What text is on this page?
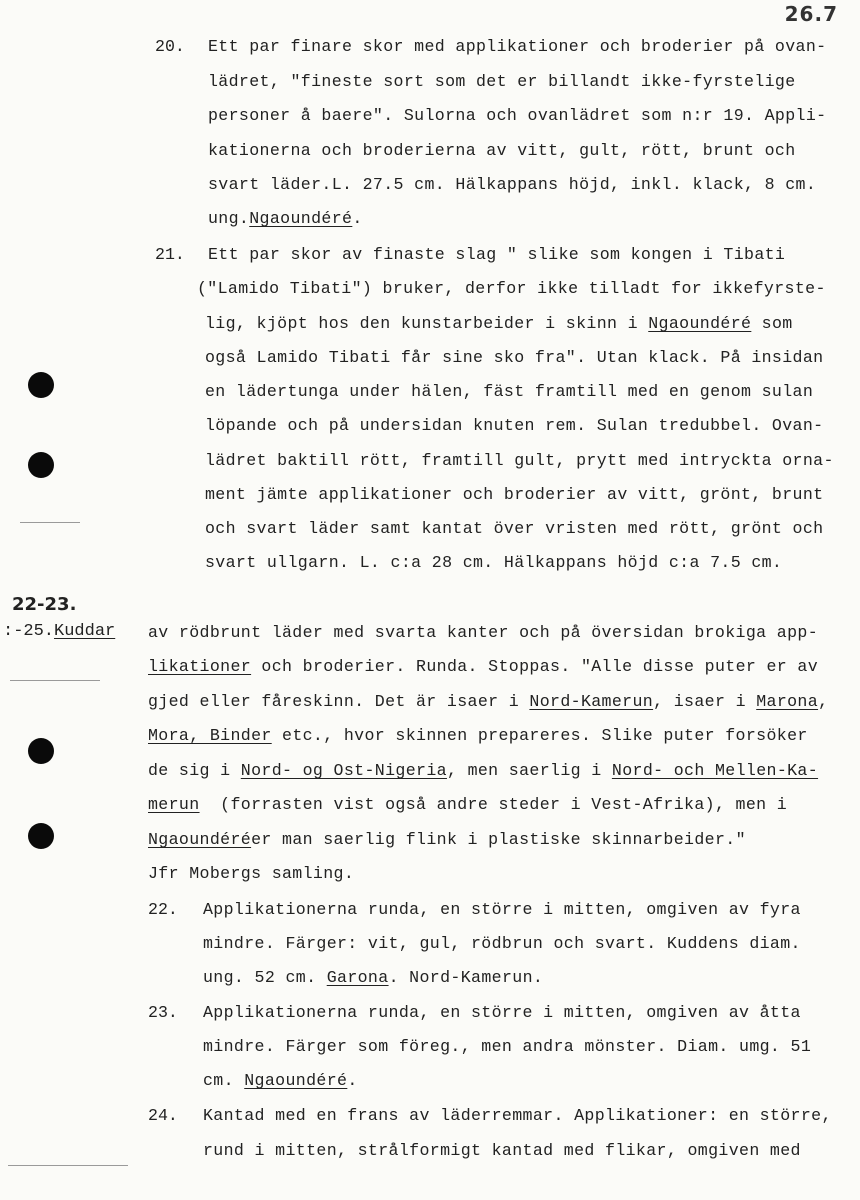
26.7
20. Ett par finare skor med applikationer och broderier på ovan-
lädret, "fineste sort som det er billandt ikke-fyrstelige
personer å baere". Sulorna och ovanlädret som n:r 19. Appli-
kationerna och broderierna av vitt, gult, rött, brunt och
svart läder.L. 27.5 cm. Hälkappans höjd, inkl. klack, 8 cm.
ung.Ngaoundéré.
21. Ett par skor av finaste slag " slike som kongen i Tibati
("Lamido Tibati") bruker, derfor ikke tilladt for ikkefyrste-
lig, kjöpt hos den kunstarbeider i skinn i Ngaoundéré som
også Lamido Tibati får sine sko fra". Utan klack. På insidan
en lädertunga under hälen, fäst framtill med en genom sulan
löpande och på undersidan knuten rem. Sulan tredubbel. Ovan-
lädret baktill rött, framtill gult, prytt med intryckta orna-
ment jämte applikationer och broderier av vitt, grönt, brunt
och svart läder samt kantat över vristen med rött, grönt och
svart ullgarn. L. c:a 28 cm. Hälkappans höjd c:a 7.5 cm.
22-23.
:-25.Kuddar av rödbrunt läder med svarta kanter och på översidan brokiga app-
likationer och broderier. Runda. Stoppas. "Alle disse puter er av
gjed eller fåreskinn. Det är isaer i Nord-Kamerun, isaer i Marona,
Mora, Binder etc., hvor skinnen prepareres. Slike puter forsöker
de sig i Nord- og Ost-Nigeria, men saerlig i Nord- och Mellen-Ka-
merun  (forrasten vist også andre steder i Vest-Afrika), men i
Ngaoundéréer man saerlig flink i plastiske skinnarbeider."
Jfr Mobergs samling.
22. Applikationerna runda, en större i mitten, omgiven av fyra
mindre. Färger: vit, gul, rödbrun och svart. Kuddens diam.
ung. 52 cm. Garona. Nord-Kamerun.
23. Applikationerna runda, en större i mitten, omgiven av åtta
mindre. Färger som föreg., men andra mönster. Diam. umg. 51
cm. Ngaoundéré.
24. Kantad med en frans av läderremmar. Applikationer: en större,
rund i mitten, strålformigt kantad med flikar, omgiven med
